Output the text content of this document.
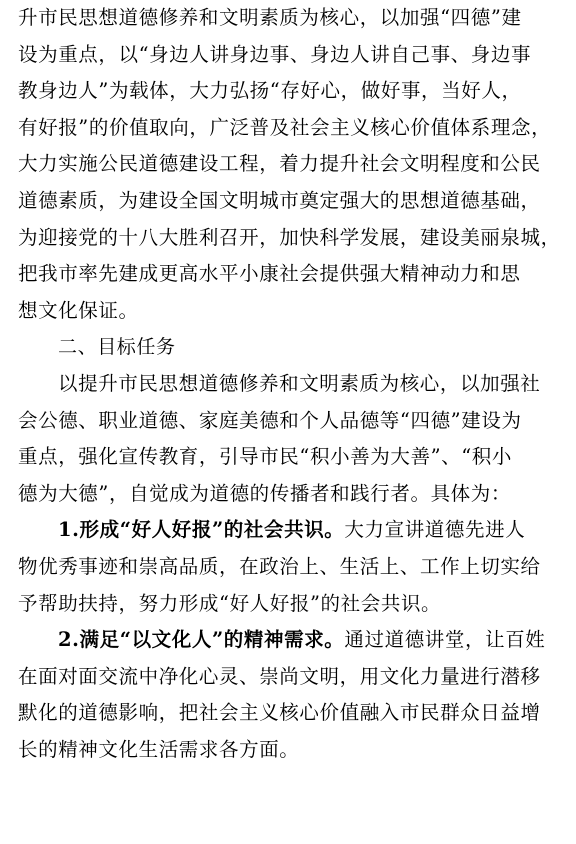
升市民思想道德修养和文明素质为核心，以加强“四德”建
设为重点，以“身边人讲身边事、身边人讲自己事、身边事
教身边人”为载体，大力弘扬“存好心，做好事，当好人，
有好报”的价值取向，广泛普及社会主义核心价值体系理念，
大力实施公民道德建设工程，着力提升社会文明程度和公民
道德素质，为建设全国文明城市奠定强大的思想道德基础，
为迎接党的十八大胜利召开，加快科学发展，建设美丽泉城，
把我市率先建成更高水平小康社会提供强大精神动力和思
想文化保证。
二、目标任务
以提升市民思想道德修养和文明素质为核心，以加强社
会公德、职业道德、家庭美德和个人品德等“四德”建设为
重点，强化宣传教育，引导市民“积小善为大善”、“积小
德为大德”，自觉成为道德的传播者和践行者。具体为：
1.形成“好人好报”的社会共识。大力宣讲道德先进人
物优秀事迹和崇高品质，在政治上、生活上、工作上切实给
予帮助扶持，努力形成“好人好报”的社会共识。
2.满足“以文化人”的精神需求。通过道德讲堂，让百姓
在面对面交流中净化心灵、崇尚文明，用文化力量进行潜移
默化的道德影响，把社会主义核心价值融入市民群众日益增
长的精神文化生活需求各方面。
